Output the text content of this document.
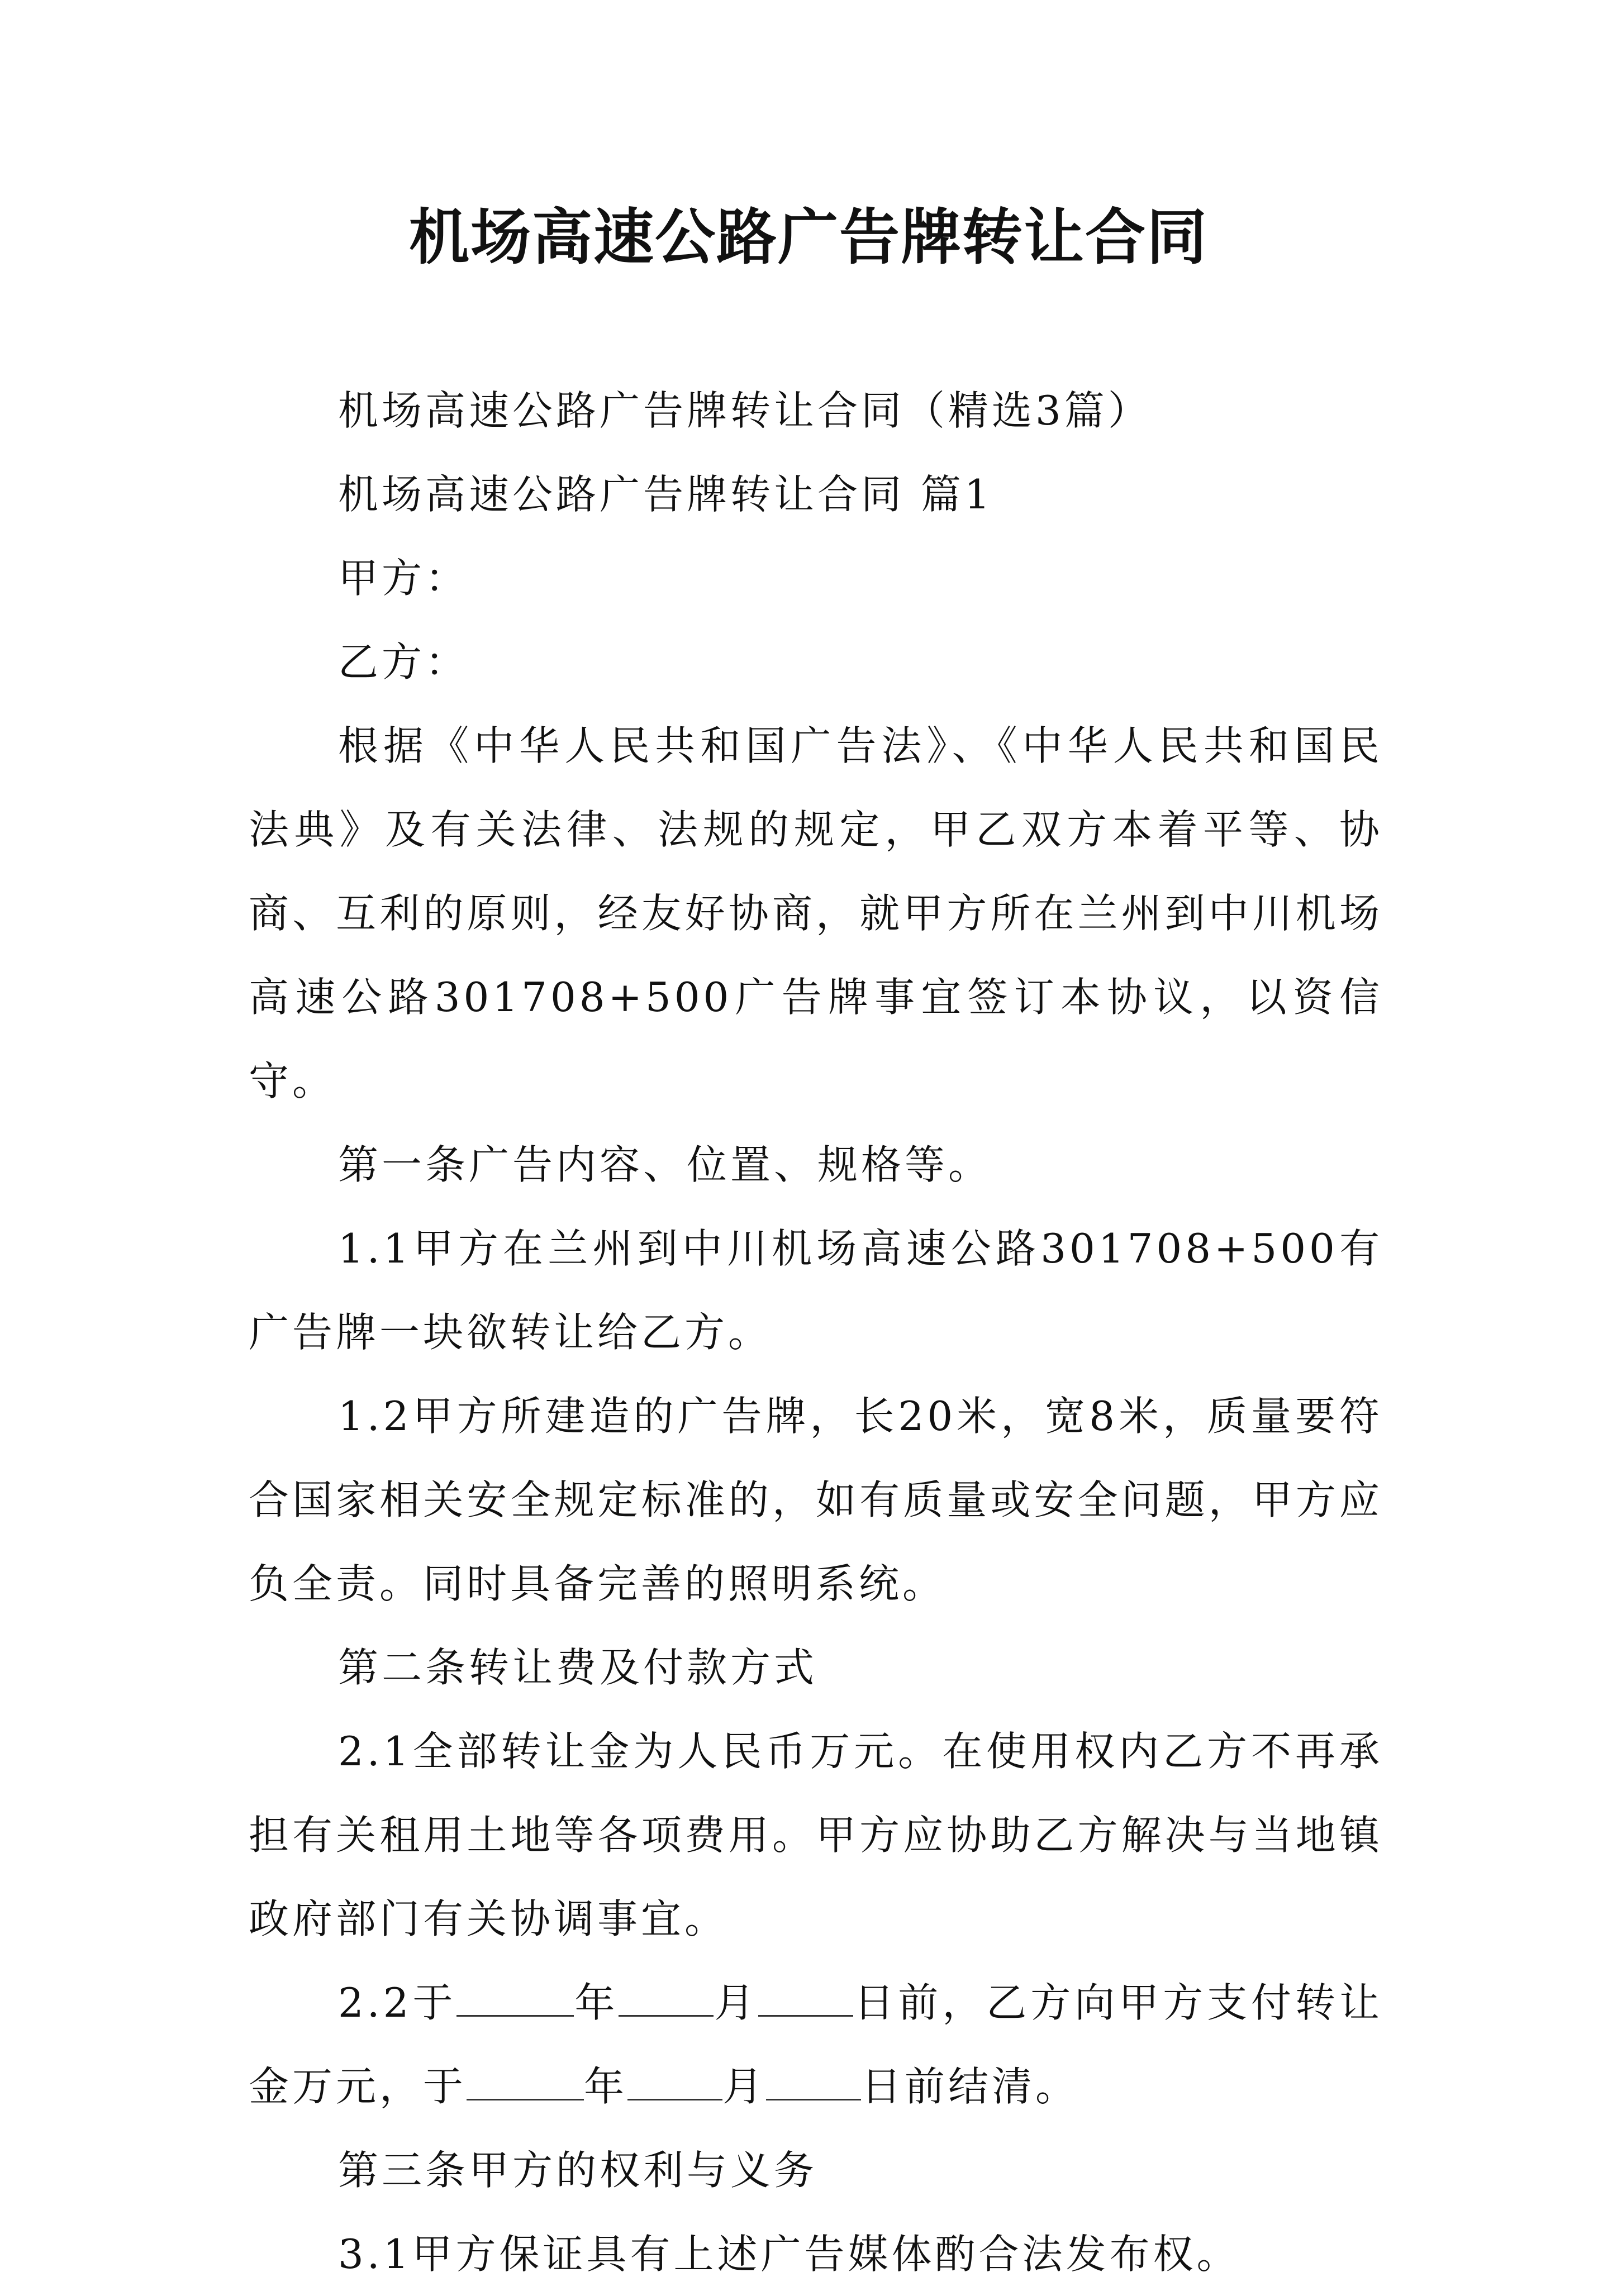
机场高速公路广告牌转让合同

机场高速公路广告牌转让合同（精选3篇）

机场高速公路广告牌转让合同 篇1

甲方：

乙方：

根据《中华人民共和国广告法》、《中华人民共和国民法典》及有关法律、法规的规定，甲乙双方本着平等、协商、互利的原则，经友好协商，就甲方所在兰州到中川机场高速公路301708+500广告牌事宜签订本协议，以资信守。

第一条广告内容、位置、规格等。

1.1甲方在兰州到中川机场高速公路301708+500有广告牌一块欲转让给乙方。

1.2甲方所建造的广告牌，长20米，宽8米，质量要符合国家相关安全规定标准的，如有质量或安全问题，甲方应负全责。同时具备完善的照明系统。

第二条转让费及付款方式

2.1全部转让金为人民币万元。在使用权内乙方不再承担有关租用土地等各项费用。甲方应协助乙方解决与当地镇政府部门有关协调事宜。

2.2于	年 月 日前，乙方向甲方支付转让金万元，于	年 月 日前结清。

第三条甲方的权利与义务

3.1甲方保证具有上述广告媒体酌合法发布权。
